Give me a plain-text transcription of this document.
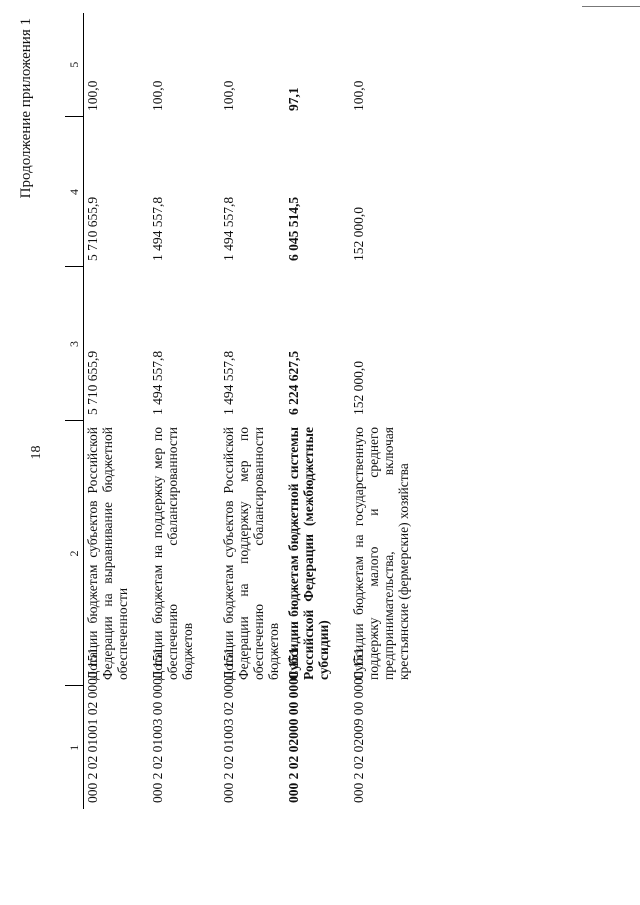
18
Продолжение приложения 1
1	2	3	4	5
000 2 02 01001 02 0000 151	Дотации бюджетам субъектов Российской Федерации на выравнивание бюджетной обеспеченности	5 710 655,9	5 710 655,9	100,0
000 2 02 01003 00 0000 151	Дотации бюджетам на поддержку мер по обеспечению сбалансированности бюджетов	1 494 557,8	1 494 557,8	100,0
000 2 02 01003 02 0000 151	Дотации бюджетам субъектов Российской Федерации на поддержку мер по обеспечению сбалансированности бюджетов	1 494 557,8	1 494 557,8	100,0
000 2 02 02000 00 0000 151	Субсидии бюджетам бюджетной системы Российской Федерации (межбюджетные субсидии)	6 224 627,5	6 045 514,5	97,1
000 2 02 02009 00 0000 151	Субсидии бюджетам на государственную поддержку малого и среднего предпринимательства, включая крестьянские (фермерские) хозяйства	152 000,0	152 000,0	100,0
